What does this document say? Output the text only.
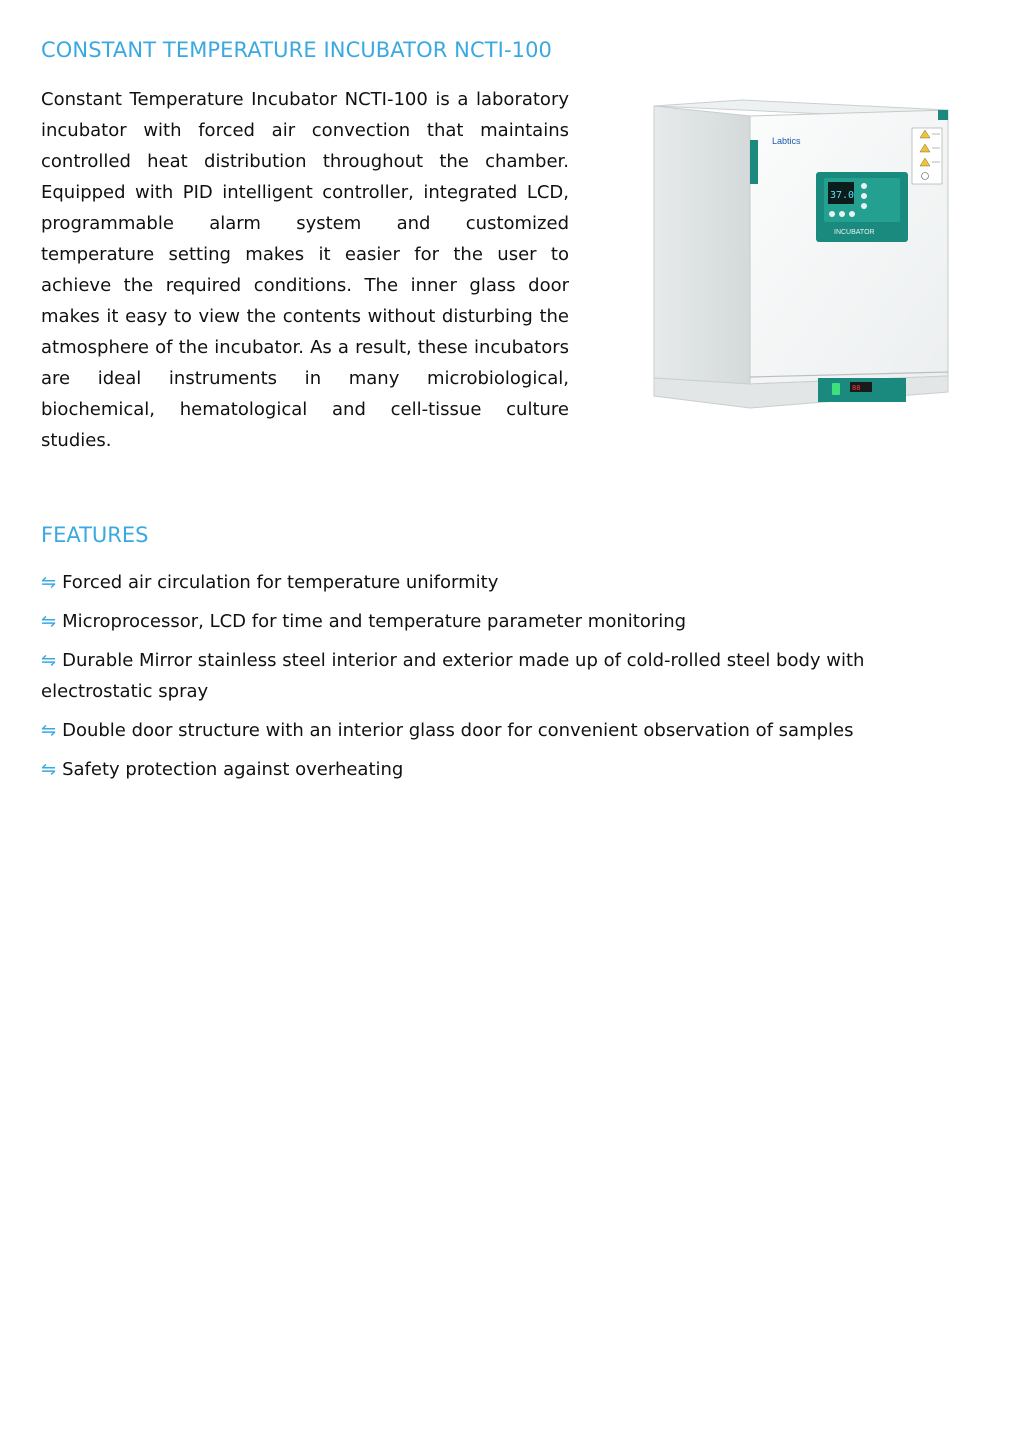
CONSTANT TEMPERATURE INCUBATOR NCTI-100

Constant Temperature Incubator NCTI-100 is a laboratory incubator with forced air convection that maintains controlled heat distribution throughout the chamber. Equipped with PID intelligent controller, integrated LCD, programmable alarm system and customized temperature setting makes it easier for the user to achieve the required conditions. The inner glass door makes it easy to view the contents without disturbing the atmosphere of the incubator. As a result, these incubators are ideal instruments in many microbiological, biochemical, hematological and cell-tissue culture studies.

Labtics
37.0
INCUBATOR
88
FEATURES
⇋ Forced air circulation for temperature uniformity
⇋ Microprocessor, LCD for time and temperature parameter monitoring
⇋ Durable Mirror stainless steel interior and exterior made up of cold-rolled steel body with electrostatic spray
⇋ Double door structure with an interior glass door for convenient observation of samples
⇋ Safety protection against overheating
